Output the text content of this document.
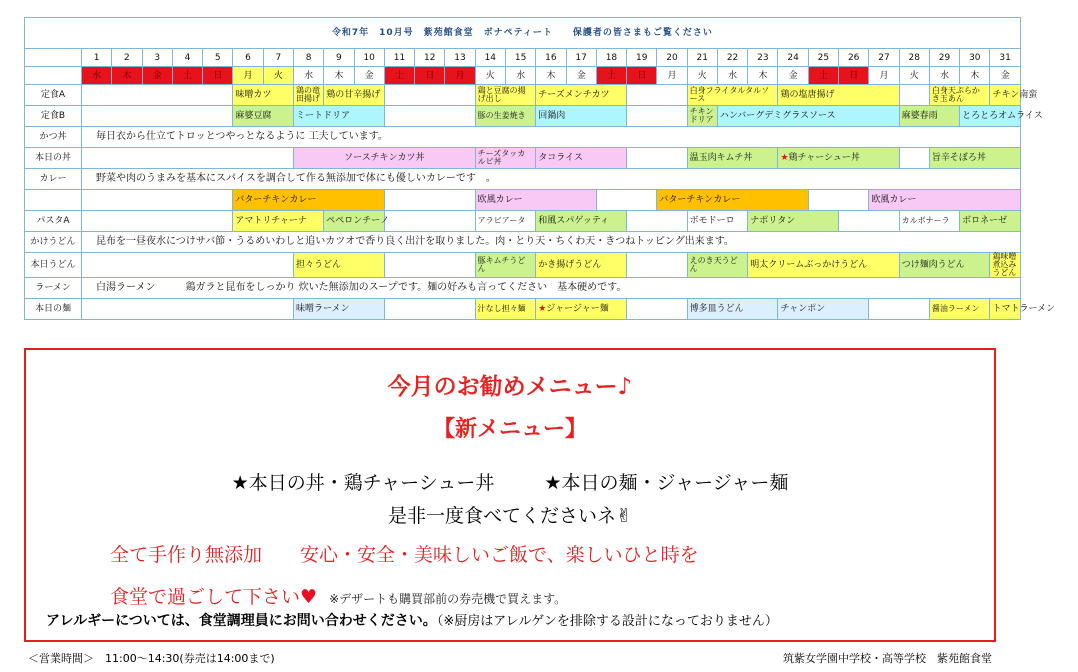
令和7年　10月号　紫苑館食堂　ボナペティート　　保護者の皆さまもご覧ください																																
	1	2	3	4	5	6	7	8	9	10	11	12	13	14	15	16	17	18	19	20	21	22	23	24	25	26	27	28	29	30	31	
	水	木	金	土	日	月	火	水	木	金	土	日	月	火	水	木	金	土	日	月	火	水	木	金	土	日	月	火	水	木	金	
定食A						味噌カツ		鶏の竜田揚げ	鶏の甘辛揚げ					鶏と豆腐の揚げ出し		チーズメンチカツ					白身フライタルタルソース			鶏の塩唐揚げ					白身天ぷらかき玉あん		チキン南蛮	
定食B						麻婆豆腐		ミートドリア						豚の生姜焼き		回鍋肉					チキンドリア	ハンバーグデミグラスソース						麻婆春雨		とろとろオムライス		
かつ丼	毎日衣から仕立てトロッとつやっとなるように 工夫しています。																															
本日の丼								ソースチキンカツ丼						チーズタッカルビ丼		タコライス					温玉肉キムチ丼			★鶏チャーシュー丼					旨辛そぼろ丼	
カレー	野菜や肉のうまみを基本にスパイスを調合して作る無添加で体にも優しいカレーです　。																															
						バターチキンカレー								欧風カレー						バターチキンカレー							欧風カレー					
パスタA						アマトリチャーナ			ペペロンチーノ					アラビアータ		和風スパゲッティ					ボモドーロ		ナポリタン					カルボナーラ		ボロネーゼ		
かけうどん	昆布を一昼夜水につけサバ節・うるめいわしと追いカツオで香り良く出汁を取りました。肉・とり天・ちくわ天・きつねトッピング出来ます。																															
本日うどん								担々うどん						豚キムチうどん		かき揚げうどん					えのき天うどん		明太クリームぶっかけうどん					つけ麺肉うどん			鶏味噌煮込みうどん	
ラーメン	白湯ラーメン　　　鶏ガラと昆布をしっかり 炊いた無添加のスープです。麺の好みも言ってください　基本硬めです。																															
本日の麺								味噌ラーメン						汁なし担々麺		★ジャージャー麺					博多皿うどん			チャンポン					醤油ラーメン		トマトラーメン	
今月のお勧めメニュー♪
【新メニュー】
★本日の丼・鶏チャーシュー丼	★本日の麺・ジャージャー麺
是非一度食べてくださいネ✌
全て手作り無添加　　安心・安全・美味しいご飯で、楽しいひと時を
食堂で過ごして下さい♥ ※デザートも購買部前の券売機で買えます。
アレルギーについては、食堂調理員にお問い合わせください。（※厨房はアレルゲンを排除する設計になっておりません）
＜営業時間＞　11:00～14:30(券売は14:00まで)	筑紫女学園中学校・高等学校　紫苑館食堂
